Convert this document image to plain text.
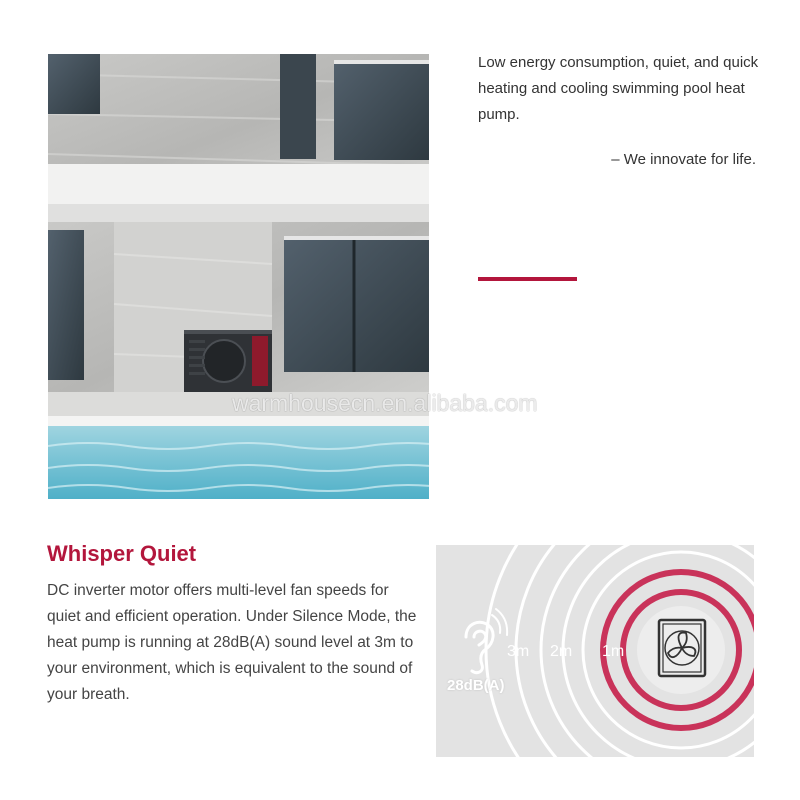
warmhousecn.en.alibaba.com

Low energy consumption, quiet, and quick heating and cooling swimming pool heat pump.

– We innovate for life.
Whisper Quiet

DC inverter motor offers multi-level fan speeds for quiet and efficient operation. Under Silence Mode, the heat pump is running at 28dB(A) sound level at 3m to your environment, which is equivalent to the sound of your breath.

3m 2m 1m
28dB(A)
